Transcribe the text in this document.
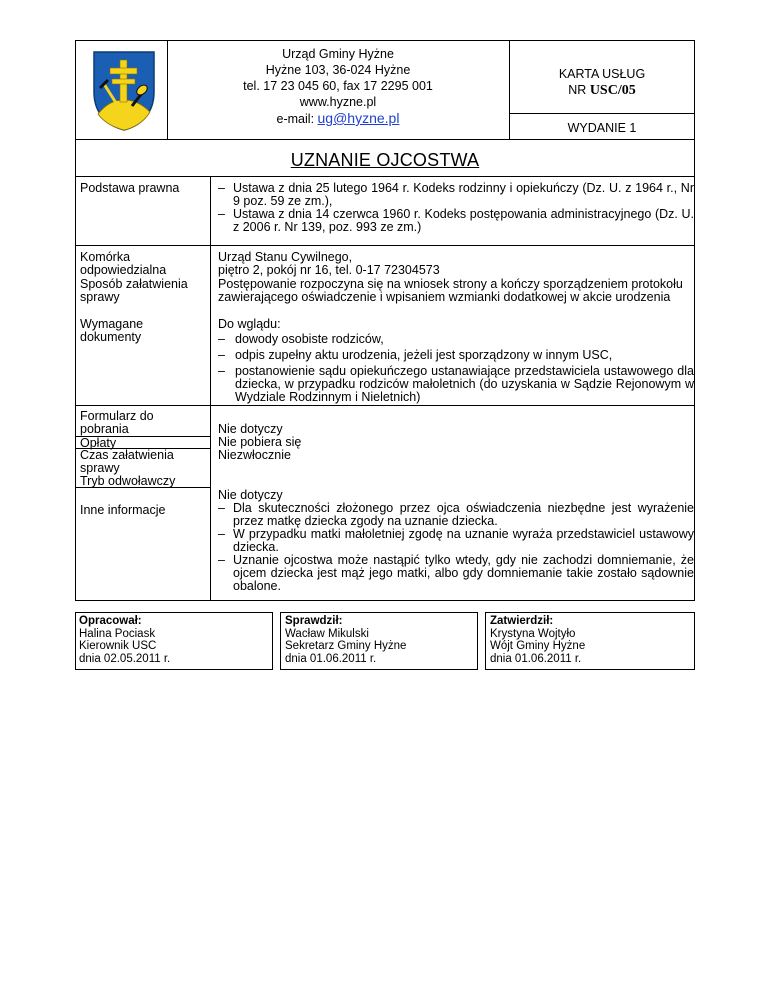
Urząd Gminy Hyżne
Hyżne 103, 36-024 Hyżne
tel. 17 23 045 60, fax 17 2295 001
www.hyzne.pl
e-mail: ug@hyzne.pl
KARTA USŁUG
NR USC/05
WYDANIE 1
UZNANIE OJCOSTWA
Podstawa prawna	– Ustawa z dnia 25 lutego 1964 r. Kodeks rodzinny i opiekuńczy (Dz. U. z 1964 r., Nr 9 poz. 59 ze zm.),
– Ustawa z dnia 14 czerwca 1960 r. Kodeks postępowania administracyjnego (Dz. U. z 2006 r. Nr 139, poz. 993 ze zm.)
Komórka odpowiedzialna
Sposób załatwienia sprawy
Wymagane dokumenty
Formularz do pobrania
Opłaty
Czas załatwienia sprawy
Tryb odwoławczy
Inne informacje
Urząd Stanu Cywilnego,
piętro 2, pokój nr 16, tel. 0-17 72304573
Postępowanie rozpoczyna się na wniosek strony a kończy sporządzeniem protokołu zawierającego oświadczenie i wpisaniem wzmianki dodatkowej w akcie urodzenia
Do wglądu:
– dowody osobiste rodziców,
– odpis zupełny aktu urodzenia, jeżeli jest sporządzony w innym USC,
– postanowienie sądu opiekuńczego ustanawiające przedstawiciela ustawowego dla dziecka, w przypadku rodziców małoletnich (do uzyskania w Sądzie Rejonowym w Wydziale Rodzinnym i Nieletnich)
Nie dotyczy
Nie pobiera się
Niezwłocznie
Nie dotyczy
– Dla skuteczności złożonego przez ojca oświadczenia niezbędne jest wyrażenie przez matkę dziecka zgody na uznanie dziecka.
– W przypadku matki małoletniej zgodę na uznanie wyraża przedstawiciel ustawowy dziecka.
– Uznanie ojcostwa może nastąpić tylko wtedy, gdy nie zachodzi domniemanie, że ojcem dziecka jest mąż jego matki, albo gdy domniemanie takie zostało sądownie obalone.
Opracował:
Halina Pociask
Kierownik USC
dnia 02.05.2011 r.
Sprawdził:
Wacław Mikulski
Sekretarz Gminy Hyżne
dnia 01.06.2011 r.
Zatwierdził:
Krystyna Wojtyło
Wójt Gminy Hyżne
dnia 01.06.2011 r.
